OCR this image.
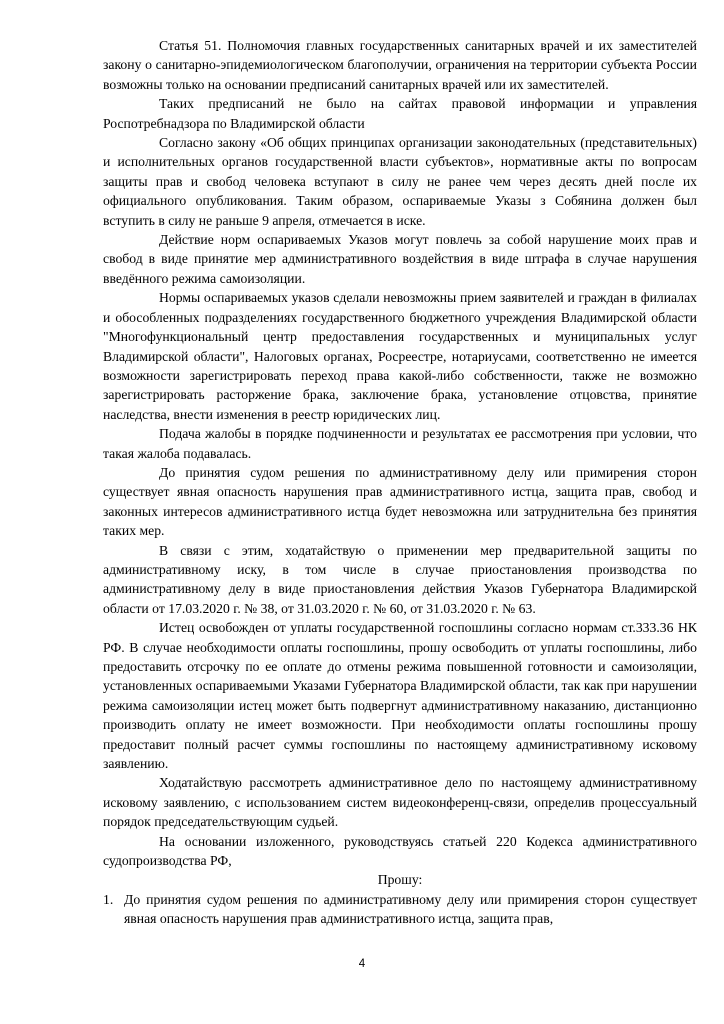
Статья 51. Полномочия главных государственных санитарных врачей и их заместителей закону о санитарно-эпидемиологическом благополучии, ограничения на территории субъекта России возможны только на основании предписаний санитарных врачей или их заместителей.

Таких предписаний не было на сайтах правовой информации и управления Роспотребнадзора по Владимирской области

Согласно закону «Об общих принципах организации законодательных (представительных) и исполнительных органов государственной власти субъектов», нормативные акты по вопросам защиты прав и свобод человека вступают в силу не ранее чем через десять дней после их официального опубликования. Таким образом, оспариваемые Указы з Собянина должен был вступить в силу не раньше 9 апреля, отмечается в иске.

Действие норм оспариваемых Указов могут повлечь за собой нарушение моих прав и свобод в виде принятие мер административного воздействия в виде штрафа в случае нарушения введённого режима самоизоляции.

Нормы оспариваемых указов сделали невозможны прием заявителей и граждан в филиалах и обособленных подразделениях государственного бюджетного учреждения Владимирской области "Многофункциональный центр предоставления государственных и муниципальных услуг Владимирской области", Налоговых органах, Росреестре, нотариусами, соответственно не имеется возможности зарегистрировать переход права какой-либо собственности, также не возможно зарегистрировать расторжение брака, заключение брака, установление отцовства, принятие наследства, внести изменения в реестр юридических лиц.

Подача жалобы в порядке подчиненности и результатах ее рассмотрения при условии, что такая жалоба подавалась.

До принятия судом решения по административному делу или примирения сторон существует явная опасность нарушения прав административного истца, защита прав, свобод и законных интересов административного истца будет невозможна или затруднительна без принятия таких мер.

В связи с этим, ходатайствую о применении мер предварительной защиты по административному иску, в том числе в случае приостановления производства по административному делу в виде приостановления действия Указов Губернатора Владимирской области от 17.03.2020 г. № 38, от 31.03.2020 г. № 60, от 31.03.2020 г. № 63.

Истец освобожден от уплаты государственной госпошлины согласно нормам ст.333.36 НК РФ. В случае необходимости оплаты госпошлины, прошу освободить от уплаты госпошлины, либо предоставить отсрочку по ее оплате до отмены режима повышенной готовности и самоизоляции, установленных оспариваемыми Указами Губернатора Владимирской области, так как при нарушении режима самоизоляции истец может быть подвергнут административному наказанию, дистанционно производить оплату не имеет возможности. При необходимости оплаты госпошлины прошу предоставит полный расчет суммы госпошлины по настоящему административному исковому заявлению.

Ходатайствую рассмотреть административное дело по настоящему административному исковому заявлению, с использованием систем видеоконференц-связи, определив процессуальный порядок председательствующим судьей.

На основании изложенного, руководствуясь статьей 220 Кодекса административного судопроизводства РФ,

Прошу:

1. До принятия судом решения по административному делу или примирения сторон существует явная опасность нарушения прав административного истца, защита прав,
4
